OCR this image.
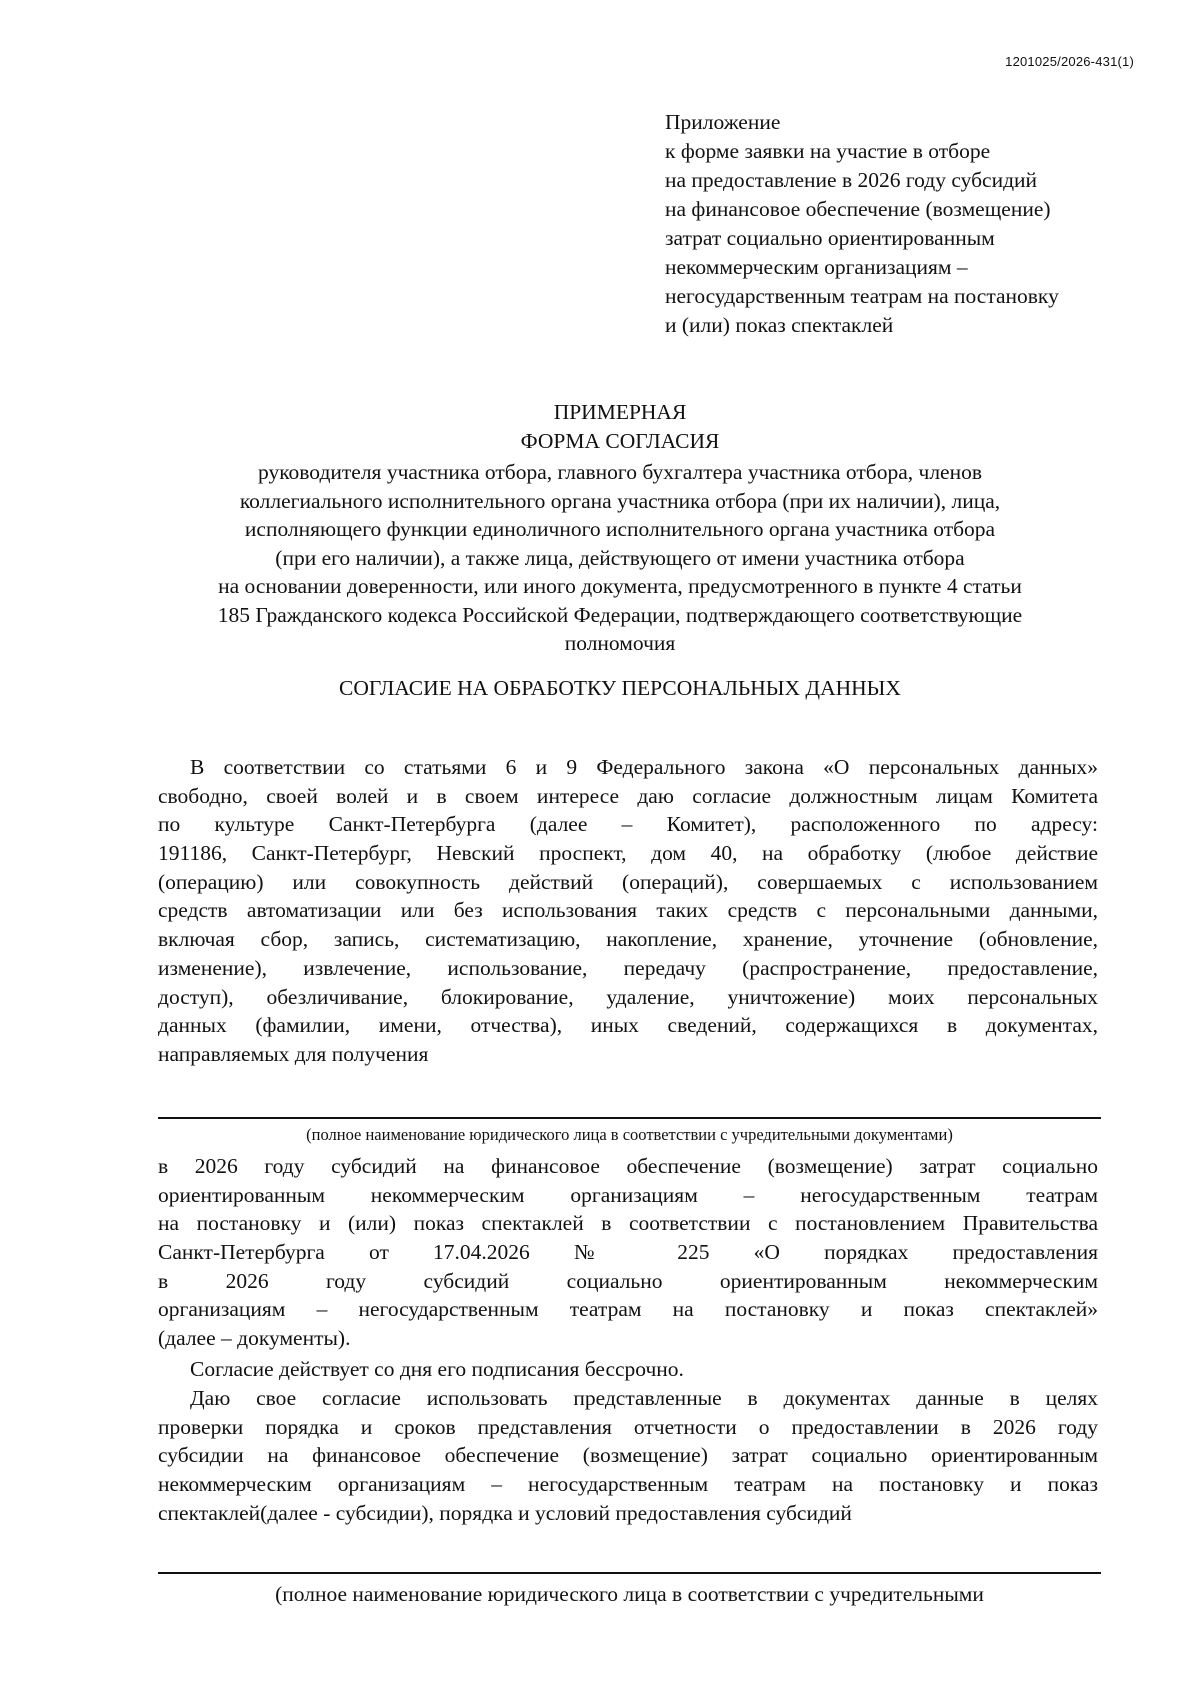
1201025/2026-431(1)
Приложение
к форме заявки на участие в отборе
на предоставление в 2026 году субсидий
на финансовое обеспечение (возмещение)
затрат социально ориентированным
некоммерческим организациям –
негосударственным театрам на постановку
и (или) показ спектаклей
ПРИМЕРНАЯ
ФОРМА СОГЛАСИЯ
руководителя участника отбора, главного бухгалтера участника отбора, членов
коллегиального исполнительного органа участника отбора (при их наличии), лица,
исполняющего функции единоличного исполнительного органа участника отбора
(при его наличии), а также лица, действующего от имени участника отбора
на основании доверенности, или иного документа, предусмотренного в пункте 4 статьи
185 Гражданского кодекса Российской Федерации, подтверждающего соответствующие
полномочия
СОГЛАСИЕ НА ОБРАБОТКУ ПЕРСОНАЛЬНЫХ ДАННЫХ
В соответствии со статьями 6 и 9 Федерального закона «О персональных данных»
свободно, своей волей и в своем интересе даю согласие должностным лицам Комитета
по культуре Санкт-Петербурга (далее – Комитет), расположенного по адресу:
191186, Санкт-Петербург, Невский проспект, дом 40, на обработку (любое действие
(операцию) или совокупность действий (операций), совершаемых с использованием
средств автоматизации или без использования таких средств с персональными данными,
включая сбор, запись, систематизацию, накопление, хранение, уточнение (обновление,
изменение), извлечение, использование, передачу (распространение, предоставление,
доступ), обезличивание, блокирование, удаление, уничтожение) моих персональных
данных (фамилии, имени, отчества), иных сведений, содержащихся в документах,
направляемых для получения
(полное наименование юридического лица в соответствии с учредительными документами)
в 2026 году субсидий на финансовое обеспечение (возмещение) затрат социально
ориентированным некоммерческим организациям – негосударственным театрам
на постановку и (или) показ спектаклей в соответствии с постановлением Правительства
Санкт-Петербурга от 17.04.2026 № 225 «О порядках предоставления
в 2026 году субсидий социально ориентированным некоммерческим
организациям – негосударственным театрам на постановку и показ спектаклей»
(далее – документы).
Согласие действует со дня его подписания бессрочно.
Даю свое согласие использовать представленные в документах данные в целях
проверки порядка и сроков представления отчетности о предоставлении в 2026 году
субсидии на финансовое обеспечение (возмещение) затрат социально ориентированным
некоммерческим организациям – негосударственным театрам на постановку и показ
спектаклей(далее - субсидии), порядка и условий предоставления субсидий
(полное наименование юридического лица в соответствии с учредительными
